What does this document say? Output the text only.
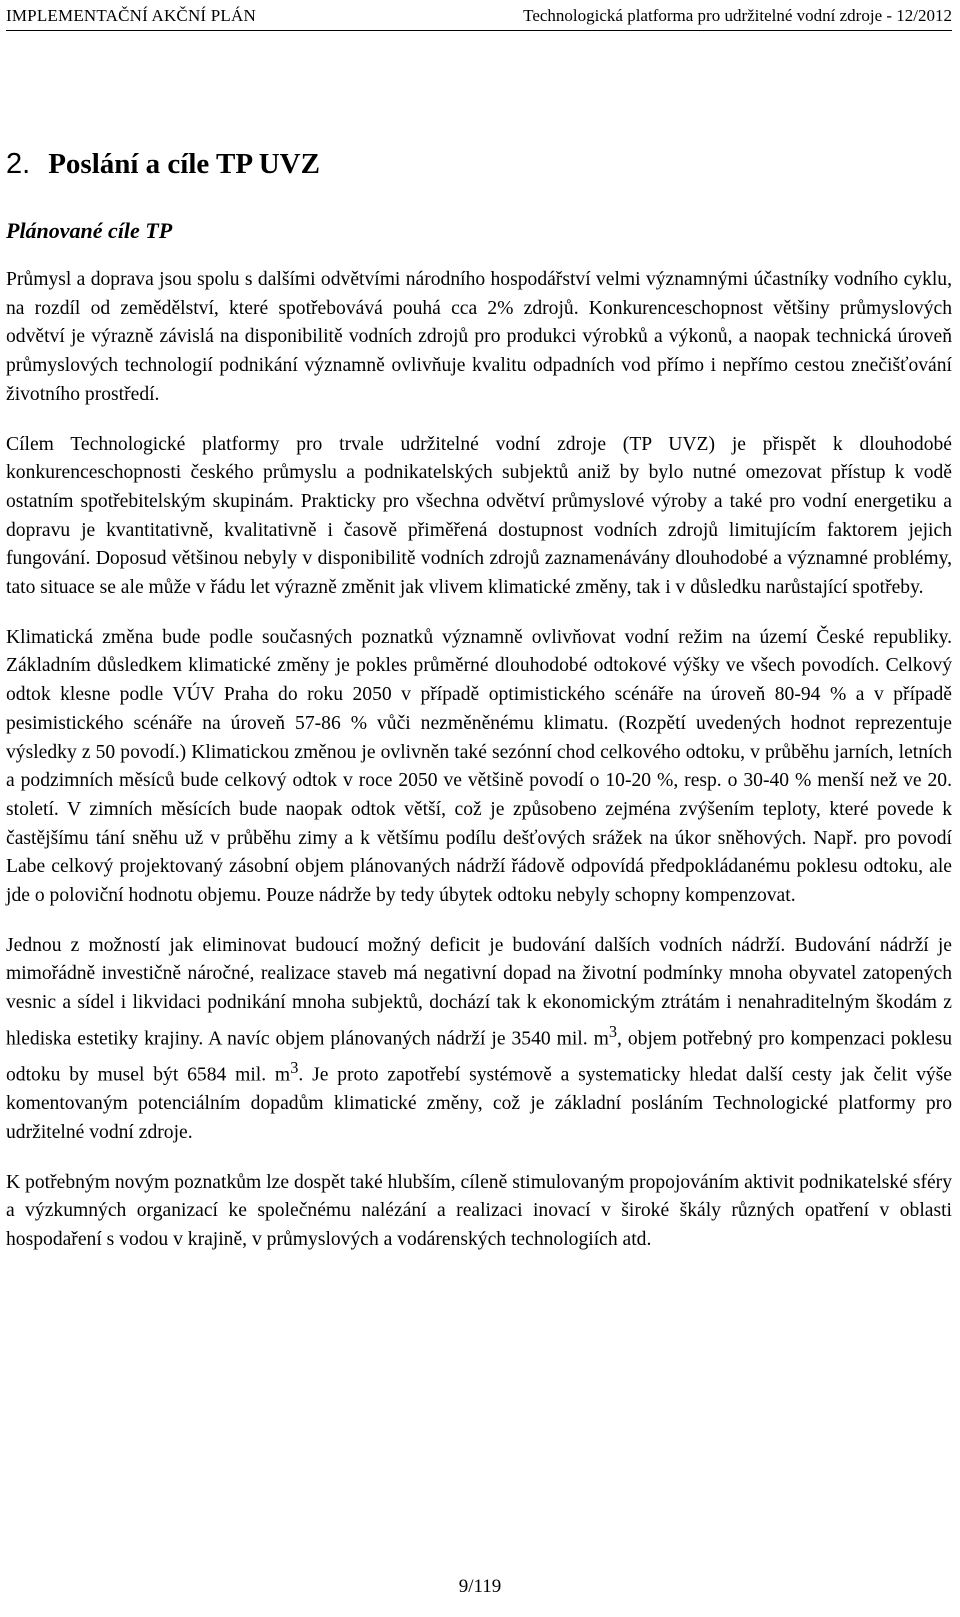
IMPLEMENTAČNÍ AKČNÍ PLÁN	Technologická platforma pro udržitelné vodní zdroje - 12/2012
2. Poslání a cíle TP UVZ
Plánované cíle TP

Průmysl a doprava jsou spolu s dalšími odvětvími národního hospodářství velmi významnými účastníky vodního cyklu, na rozdíl od zemědělství, které spotřebovává pouhá cca 2% zdrojů. Konkurenceschopnost většiny průmyslových odvětví je výrazně závislá na disponibilitě vodních zdrojů pro produkci výrobků a výkonů, a naopak technická úroveň průmyslových technologií podnikání významně ovlivňuje kvalitu odpadních vod přímo i nepřímo cestou znečišťování životního prostředí.

Cílem Technologické platformy pro trvale udržitelné vodní zdroje (TP UVZ) je přispět k dlouhodobé konkurenceschopnosti českého průmyslu a podnikatelských subjektů aniž by bylo nutné omezovat přístup k vodě ostatním spotřebitelským skupinám. Prakticky pro všechna odvětví průmyslové výroby a také pro vodní energetiku a dopravu je kvantitativně, kvalitativně i časově přiměřená dostupnost vodních zdrojů limitujícím faktorem jejich fungování. Doposud většinou nebyly v disponibilitě vodních zdrojů zaznamenávány dlouhodobé a významné problémy, tato situace se ale může v řádu let výrazně změnit jak vlivem klimatické změny, tak i v důsledku narůstající spotřeby.

Klimatická změna bude podle současných poznatků významně ovlivňovat vodní režim na území České republiky. Základním důsledkem klimatické změny je pokles průměrné dlouhodobé odtokové výšky ve všech povodích. Celkový odtok klesne podle VÚV Praha do roku 2050 v případě optimistického scénáře na úroveň 80-94 % a v případě pesimistického scénáře na úroveň 57-86 % vůči nezměněnému klimatu. (Rozpětí uvedených hodnot reprezentuje výsledky z 50 povodí.) Klimatickou změnou je ovlivněn také sezónní chod celkového odtoku, v průběhu jarních, letních a podzimních měsíců bude celkový odtok v roce 2050 ve většině povodí o 10-20 %, resp. o 30-40 % menší než ve 20. století. V zimních měsících bude naopak odtok větší, což je způsobeno zejména zvýšením teploty, které povede k častějšímu tání sněhu už v průběhu zimy a k většímu podílu dešťových srážek na úkor sněhových. Např. pro povodí Labe celkový projektovaný zásobní objem plánovaných nádrží řádově odpovídá předpokládanému poklesu odtoku, ale jde o poloviční hodnotu objemu. Pouze nádrže by tedy úbytek odtoku nebyly schopny kompenzovat.

Jednou z možností jak eliminovat budoucí možný deficit je budování dalších vodních nádrží. Budování nádrží je mimořádně investičně náročné, realizace staveb má negativní dopad na životní podmínky mnoha obyvatel zatopených vesnic a sídel i likvidaci podnikání mnoha subjektů, dochází tak k ekonomickým ztrátám i nenahraditelným škodám z hlediska estetiky krajiny. A navíc objem plánovaných nádrží je 3540 mil. $m^3$, objem potřebný pro kompenzaci poklesu odtoku by musel být 6584 mil. $m^3$. Je proto zapotřebí systémově a systematicky hledat další cesty jak čelit výše komentovaným potenciálním dopadům klimatické změny, což je základní posláním Technologické platformy pro udržitelné vodní zdroje.

K potřebným novým poznatkům lze dospět také hlubším, cíleně stimulovaným propojováním aktivit podnikatelské sféry a výzkumných organizací ke společnému nalézání a realizaci inovací v široké škály různých opatření v oblasti hospodaření s vodou v krajině, v průmyslových a vodárenských technologiích atd.

9/119
